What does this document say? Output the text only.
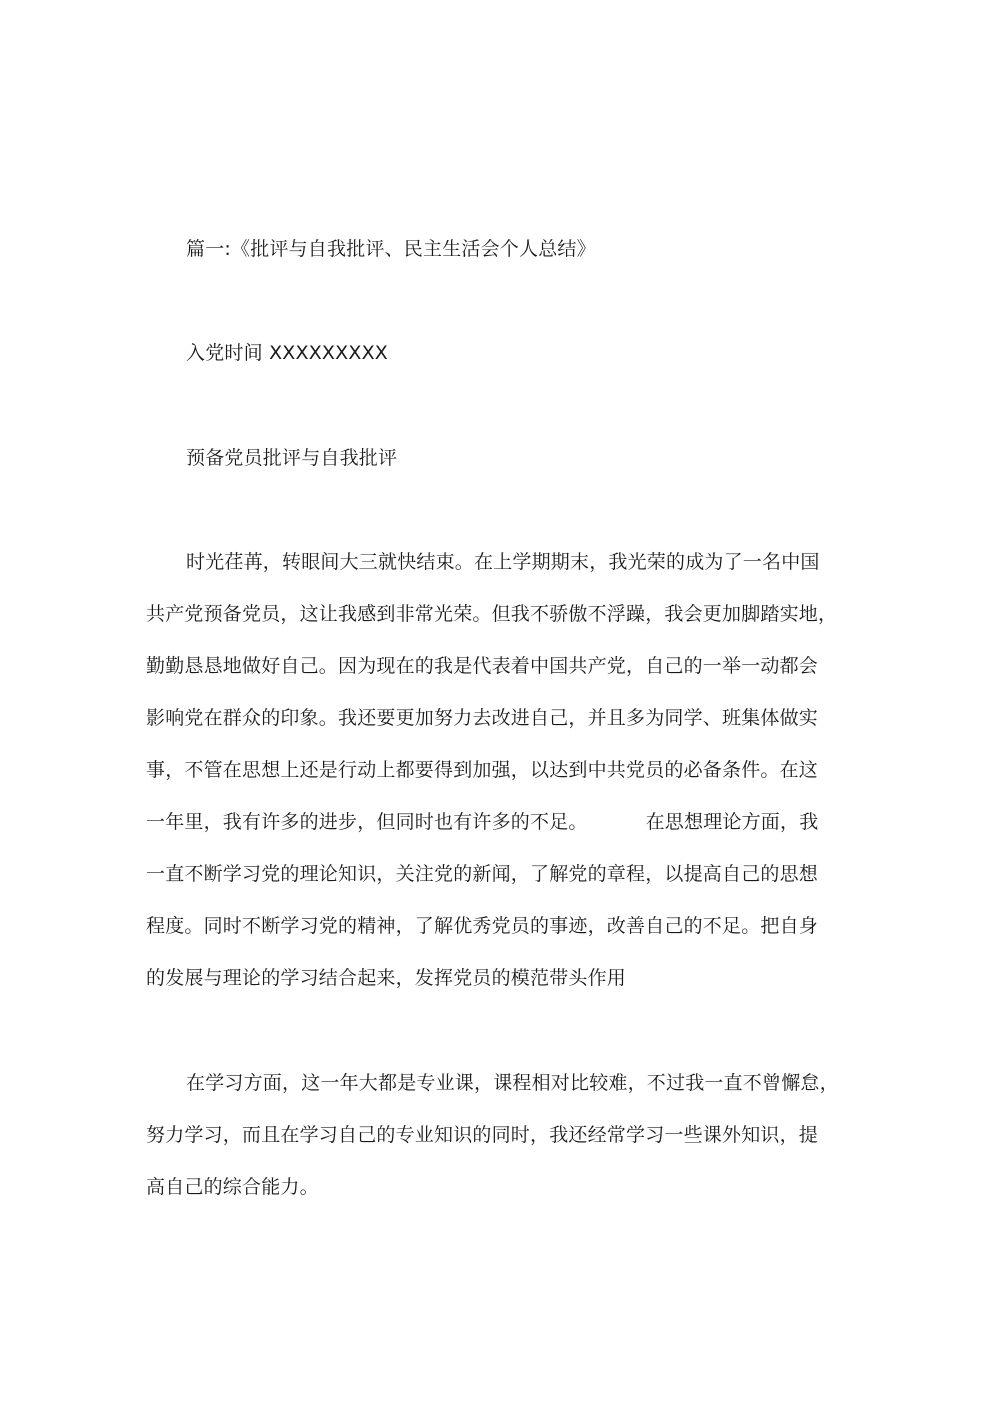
篇一:《批评与自我批评、民主生活会个人总结》
入党时间 XXXXXXXXX
预备党员批评与自我批评
时光荏苒，转眼间大三就快结束。在上学期期末，我光荣的成为了一名中国
共产党预备党员，这让我感到非常光荣。但我不骄傲不浮躁，我会更加脚踏实地，
勤勤恳恳地做好自己。因为现在的我是代表着中国共产党，自己的一举一动都会
影响党在群众的印象。我还要更加努力去改进自己，并且多为同学、班集体做实
事，不管在思想上还是行动上都要得到加强，以达到中共党员的必备条件。在这
一年里，我有许多的进步，但同时也有许多的不足。	在思想理论方面，我
一直不断学习党的理论知识，关注党的新闻，了解党的章程，以提高自己的思想
程度。同时不断学习党的精神，了解优秀党员的事迹，改善自己的不足。把自身
的发展与理论的学习结合起来，发挥党员的模范带头作用
在学习方面，这一年大都是专业课，课程相对比较难，不过我一直不曾懈怠，
努力学习，而且在学习自己的专业知识的同时，我还经常学习一些课外知识，提
高自己的综合能力。
